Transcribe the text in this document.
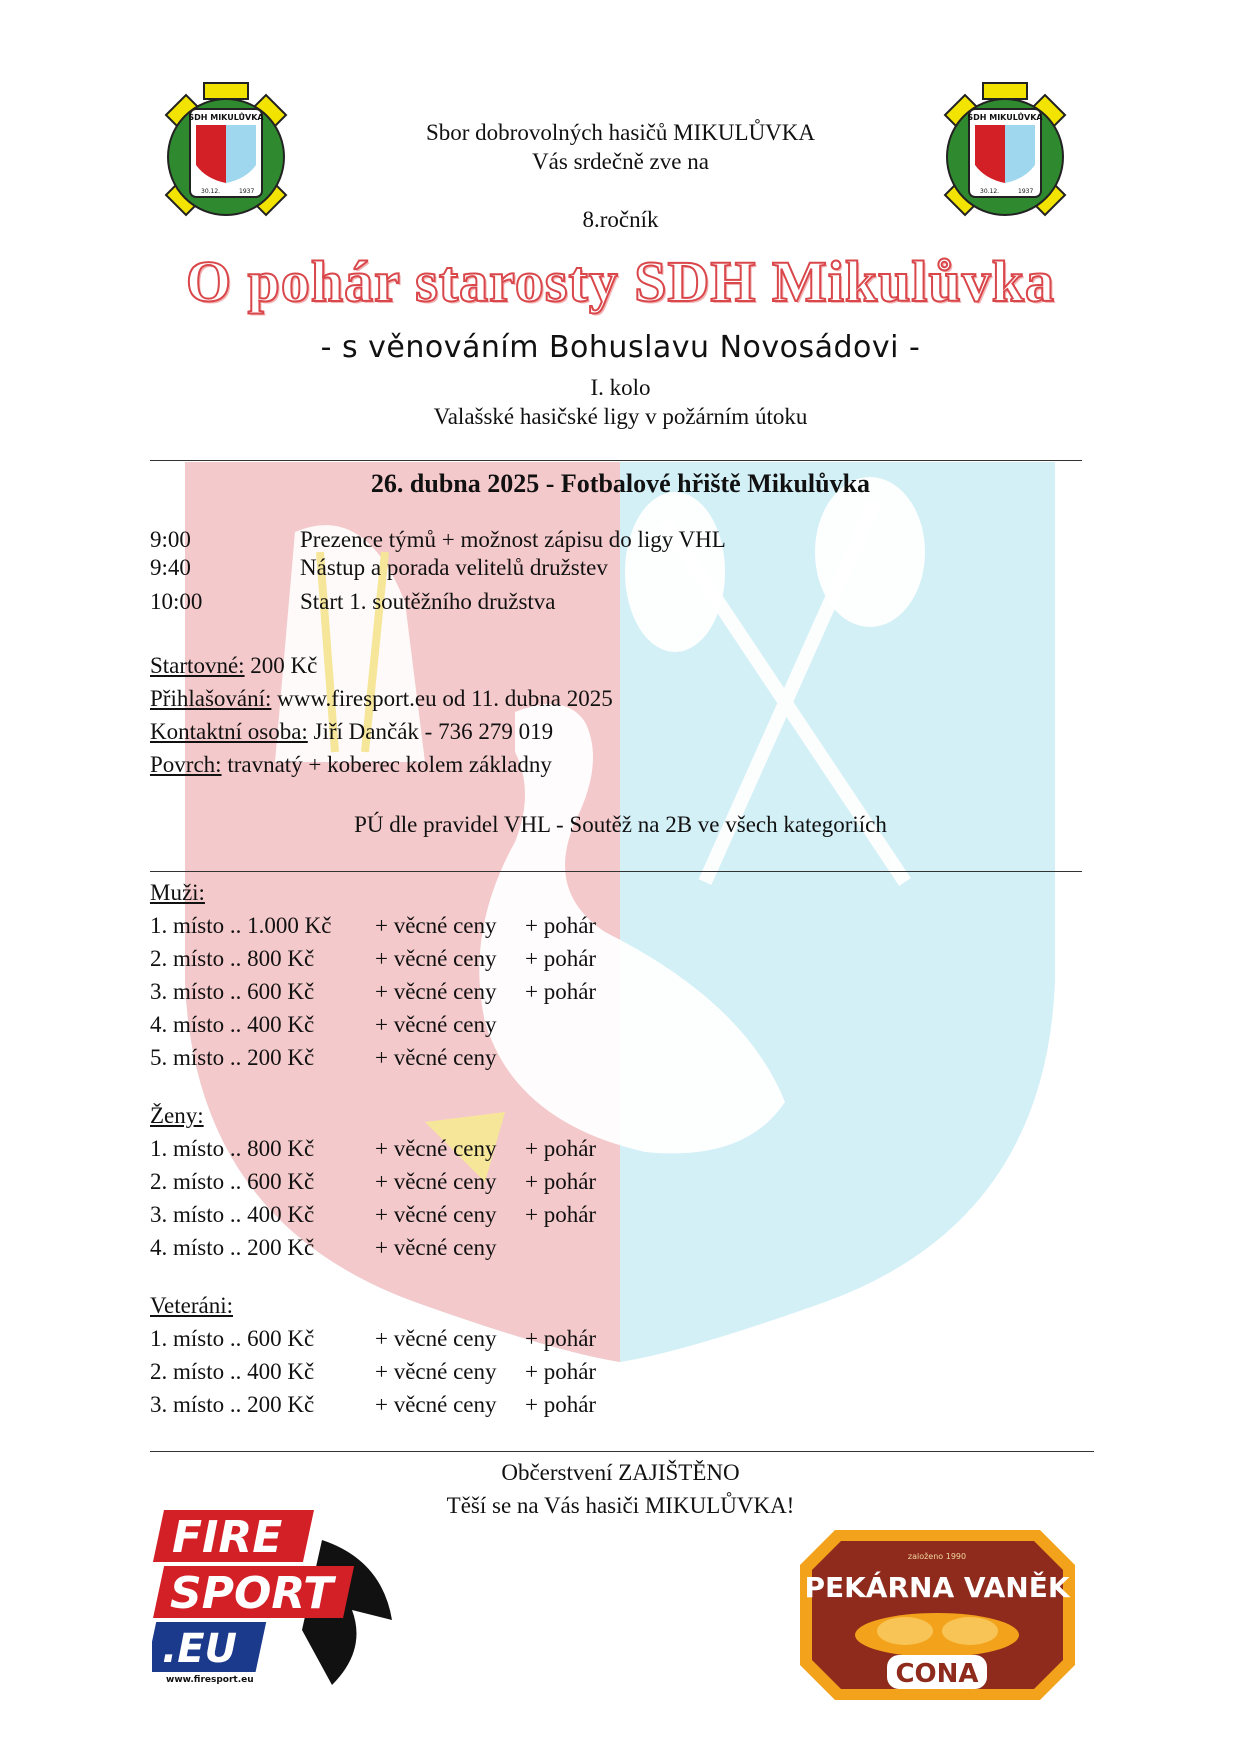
SDH MIKULŮVKA
30.12.	1937
SDH MIKULŮVKA
30.12.	1937
Sbor dobrovolných hasičů MIKULŮVKA
Vás srdečně zve na
8.ročník
O pohár starosty SDH Mikulůvka
- s věnováním Bohuslavu Novosádovi -
I. kolo
Valašské hasičské ligy v požárním útoku
26. dubna 2025 - Fotbalové hřiště Mikulůvka
9:00	Prezence týmů + možnost zápisu do ligy VHL
9:40	Nástup a porada velitelů družstev
10:00	Start 1. soutěžního družstva
Startovné: 200 Kč
Přihlašování: www.firesport.eu od 11. dubna 2025
Kontaktní osoba: Jiří Dančák - 736 279 019
Povrch: travnatý + koberec kolem základny
PÚ dle pravidel VHL - Soutěž na 2B ve všech kategoriích
Muži:
1. místo .. 1.000 Kč + věcné ceny + pohár
2. místo .. 800 Kč	+ věcné ceny + pohár
3. místo .. 600 Kč	+ věcné ceny + pohár
4. místo .. 400 Kč	+ věcné ceny
5. místo .. 200 Kč	+ věcné ceny
Ženy:
1. místo .. 800 Kč	+ věcné ceny + pohár
2. místo .. 600 Kč	+ věcné ceny + pohár
3. místo .. 400 Kč	+ věcné ceny + pohár
4. místo .. 200 Kč	+ věcné ceny
Veteráni:
1. místo .. 600 Kč	+ věcné ceny + pohár
2. místo .. 400 Kč	+ věcné ceny + pohár
3. místo .. 200 Kč	+ věcné ceny + pohár
Občerstvení ZAJIŠTĚNO
Těší se na Vás hasiči MIKULŮVKA!
FIRE
SPORT
.EU
www.firesport.eu
založeno 1990
PEKÁRNA VANĚK
CONA
